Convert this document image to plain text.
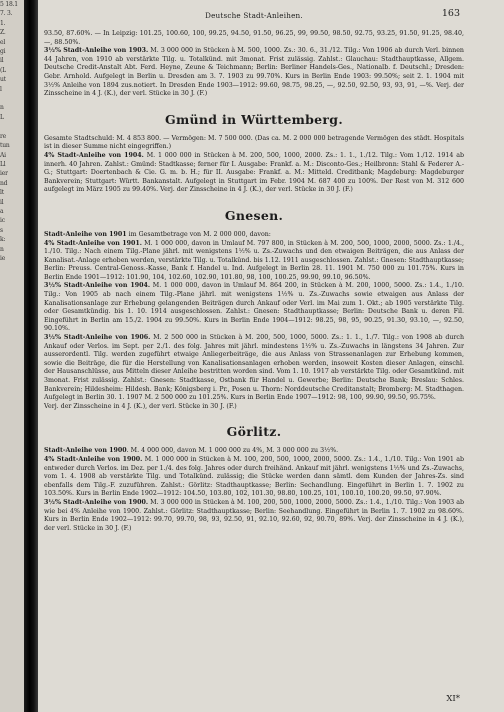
5 18.1
7. 3.
1.
Z.
el
gi
il
(L
ut
l

n
L

re
tun
Ai
Ll
ier
nd
lt
il
a
ic
s
k:
n
ie

Deutsche Stadt-Anleihen.	163

93.50, 87.60%. — In Leipzig: 101.25, 100.60, 100, 99.25, 94.50, 91.50, 96.25, 99, 99.50, 98.50, 92.75, 93.25, 91.50, 91.25, 98.40, —, 88.50%.

3½% Stadt-Anleihe von 1903. M. 3 000 000 in Stücken à M. 500, 1000. Zs.: 30. 6., 31./12. Tilg.: Von 1906 ab durch Verl. binnen 44 Jahren, von 1910 ab verstärkte Tilg. u. Totalkünd. mit 3monat. Frist zulässig. Zahlst.: Glauchau: Stadthauptkasse, Allgem. Deutsche Credit-Anstalt Abt. Ferd. Heyne, Zeune & Teichmann; Berlin: Berliner Handels-Ges., Nationalb. f. Deutschl.; Dresden: Gebr. Arnhold. Aufgelegt in Berlin u. Dresden am 3. 7. 1903 zu 99.70%. Kurs in Berlin Ende 1903: 99.50%; seit 2. 1. 1904 mit 3½% Anleihe von 1894 zus.notiert. In Dresden Ende 1903—1912: 99.60, 98.75, 98.25, —, 92.50, 92.50, 93, 93, 91, —%. Verj. der Zinsscheine in 4 J. (K.), der verl. Stücke in 30 J. (F.)

Gmünd in Württemberg.

Gesamte Stadtschuld: M. 4 853 800. — Vermögen: M. 7 500 000. (Das ca. M. 2 000 000 betragende Vermögen des städt. Hospitals ist in dieser Summe nicht eingegriffen.)

4% Stadt-Anleihe von 1904. M. 1 000 000 in Stücken à M. 200, 500, 1000, 2000. Zs.: 1. 1., 1./12. Tilg.: Vom 1./12. 1914 ab innerh. 40 Jahren. Zahlst.: Gmünd: Stadtkasse; ferner für I. Ausgabe: Frankf. a. M.: Disconto-Ges.; Heilbronn: Stahl & Federer A.-G.; Stuttgart: Doertenbach & Cie. G. m. b. H.; für II. Ausgabe: Frankf. a. M.: Mitteld. Creditbank; Magdeburg: Magdeburger Bankverein; Stuttgart: Württ. Bankanstalt. Aufgelegt in Stuttgart im Febr. 1904 M. 687 400 zu 100%. Der Rest von M. 312 600 aufgelegt im März 1905 zu 99.40%. Verj. der Zinsscheine in 4 J. (K.), der verl. Stücke in 30 J. (F.)

Gnesen.

Stadt-Anleihe von 1901 im Gesamtbetrage von M. 2 000 000, davon:

4% Stadt-Anleihe von 1901. M. 1 000 000, davon in Umlauf M. 797 800, in Stücken à M. 200, 500, 1000, 2000, 5000. Zs.: 1./4., 1./10. Tilg.: Nach einem Tilg.-Plane jährl. mit wenigstens 1½% u. Zs.-Zuwachs und den etwaigen Beiträgen, die aus Anlass der Kanalisat.-Anlage erhoben werden, verstärkte Tilg. u. Totalkünd. bis 1.12. 1911 ausgeschlossen. Zahlst.: Gnesen: Stadthauptkasse; Berlin: Preuss. Central-Genoss.-Kasse, Bank f. Handel u. Ind. Aufgelegt in Berlin 28. 11. 1901 M. 750 000 zu 101.75%. Kurs in Berlin Ende 1901—1912: 101.90, 104, 102.60, 102.90, 101.80, 98, 100, 100.25, 99.90, 99.10, 96.50%.

3½% Stadt-Anleihe von 1904. M. 1 000 000, davon in Umlauf M. 864 200, in Stücken à M. 200, 1000, 5000. Zs.: 1.4., 1./10. Tilg.: Von 1905 ab nach einem Tilg.-Plane jährl. mit wenigstens 1½% u. Zs.-Zuwachs sowie etwaigen aus Anlass der Kanalisationsanlage zur Erhebung gelangenden Beiträgen durch Ankauf oder Verl. im Mai zum 1. Okt.; ab 1905 verstärkte Tilg. oder Gesamtkündig. bis 1. 10. 1914 ausgeschlossen. Zahlst.: Gnesen: Stadthauptkasse; Berlin: Deutsche Bank u. deren Fil. Eingeführt in Berlin am 15./2. 1904 zu 99.50%. Kurs in Berlin Ende 1904—1912: 98.25, 98, 95, 90.25, 91.30, 93.10, —, 92.50, 90.10%.

3½% Stadt-Anleihe von 1906. M. 2 500 000 in Stücken à M. 200, 500, 1000, 5000. Zs.: 1. 1., 1./7. Tilg.: von 1908 ab durch Ankauf oder Verlos. im Sept. per 2./1. des folg. Jahres mit jährl. mindestens 1½% u. Zs.-Zuwachs in längstens 34 Jahren. Zur ausserordentl. Tilg. werden zugeführt etwaige Anliegerbeiträge, die aus Anlass von Strassenanlagen zur Erhebung kommen, sowie die Beiträge, die für die Herstellung von Kanalisationsanlagen erhoben werden, insoweit Kosten dieser Anlagen, einschl. der Hausanschlüsse, aus Mitteln dieser Anleihe bestritten worden sind. Vom 1. 10. 1917 ab verstärkte Tilg. oder Gesamtkünd. mit 3monat. Frist zulässig. Zahlst.: Gnesen: Stadtkasse, Ostbank für Handel u. Gewerbe; Berlin: Deutsche Bank; Breslau: Schles. Bankverein; Hildesheim: Hildesh. Bank; Königsberg i. Pr., Posen u. Thorn: Norddeutsche Creditanstalt; Bromberg: M. Stadthagen. Aufgelegt in Berlin 30. 1. 1907 M. 2 500 000 zu 101.25%. Kurs in Berlin Ende 1907—1912: 98, 100, 99.90, 99.50, 95.75%.

Verj. der Zinsscheine in 4 J. (K.), der verl. Stücke in 30 J. (F.)

Görlitz.

Stadt-Anleihe von 1900. M. 4 000 000, davon M. 1 000 000 zu 4%, M. 3 000 000 zu 3½%.

4% Stadt-Anleihe von 1900. M. 1 000 000 in Stücken à M. 100, 200, 500, 1000, 2000, 5000. Zs.: 1.4., 1./10. Tilg.: Von 1901 ab entweder durch Verlos. im Dez. per 1./4. des folg. Jahres oder durch freihänd. Ankauf mit jährl. wenigstens 1½% und Zs.-Zuwachs, vom 1. 4. 1908 ab verstärkte Tilg. und Totalkünd. zulässig; die Stücke werden dann sämtl. dem Kunden der Jahres-Zs. sind ebenfalls dem Tilg.-F. zuzuführen. Zahlst.: Görlitz: Stadthauptkasse; Berlin: Sechandlung. Eingeführt in Berlin 1. 7. 1902 zu 103.50%. Kurs in Berlin Ende 1902—1912: 104.50, 103.80, 102, 101.30, 98.80, 100.25, 101, 100.10, 100.20, 99.50, 97.90%.

3½% Stadt-Anleihe von 1900. M. 3 000 000 in Stücken à M. 100, 200, 500, 1000, 2000, 5000. Zs.: 1.4., 1./10. Tilg.: Von 1903 ab wie bei 4% Anleihe von 1900. Zahlst.: Görlitz: Stadthauptkasse; Berlin: Seehandlung. Eingeführt in Berlin 1. 7. 1902 zu 98.60%. Kurs in Berlin Ende 1902—1912: 99.70, 99.70, 98, 93, 92.50, 91, 92.10, 92.60, 92, 90.70, 89%. Verj. der Zinsscheine in 4 J. (K.), der verl. Stücke in 30 J. (F.)

XI*
